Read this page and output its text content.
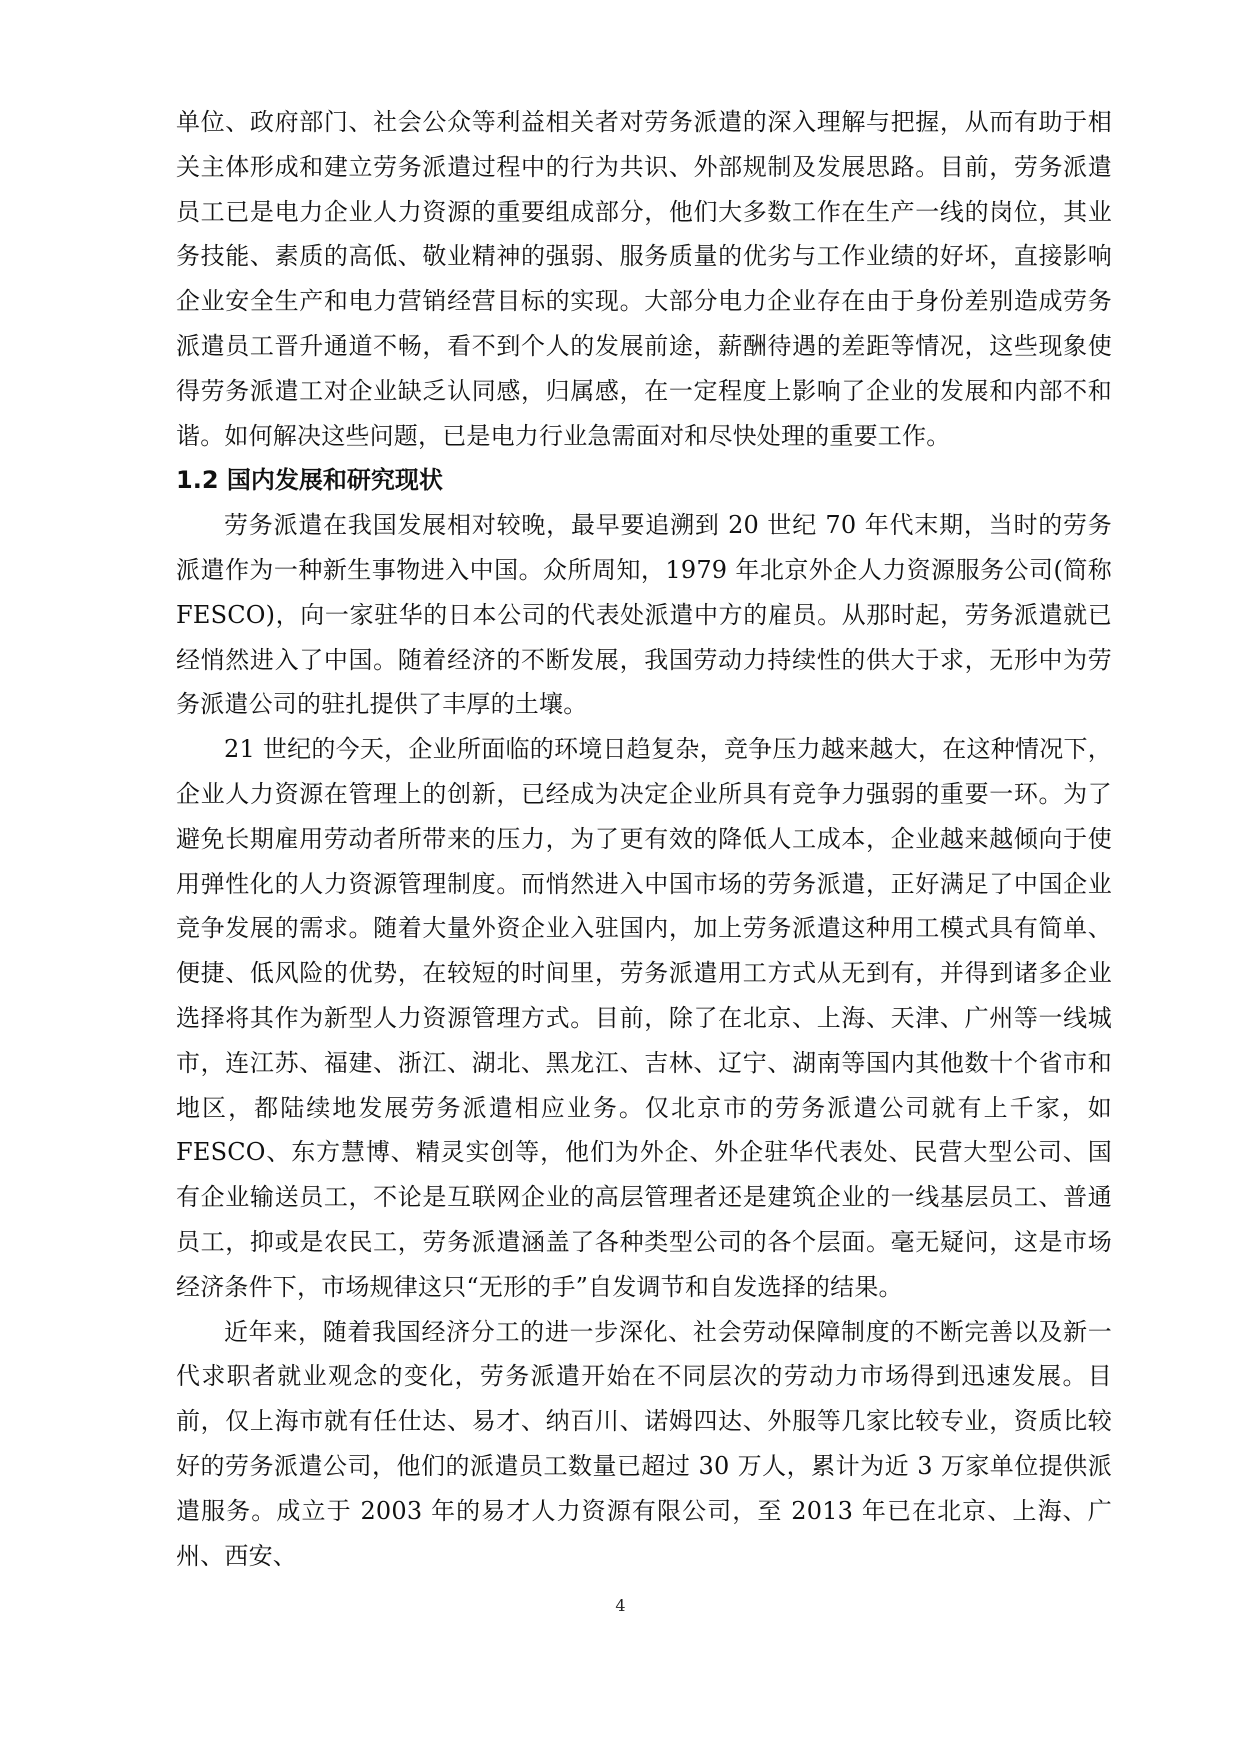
单位、政府部门、社会公众等利益相关者对劳务派遣的深入理解与把握，从而有助于相关主体形成和建立劳务派遣过程中的行为共识、外部规制及发展思路。目前，劳务派遣员工已是电力企业人力资源的重要组成部分，他们大多数工作在生产一线的岗位，其业务技能、素质的高低、敬业精神的强弱、服务质量的优劣与工作业绩的好坏，直接影响企业安全生产和电力营销经营目标的实现。大部分电力企业存在由于身份差别造成劳务派遣员工晋升通道不畅，看不到个人的发展前途，薪酬待遇的差距等情况，这些现象使得劳务派遣工对企业缺乏认同感，归属感，在一定程度上影响了企业的发展和内部不和谐。如何解决这些问题，已是电力行业急需面对和尽快处理的重要工作。

1.2 国内发展和研究现状

劳务派遣在我国发展相对较晚，最早要追溯到 20 世纪 70 年代末期，当时的劳务派遣作为一种新生事物进入中国。众所周知，1979 年北京外企人力资源服务公司(简称FESCO)，向一家驻华的日本公司的代表处派遣中方的雇员。从那时起，劳务派遣就已经悄然进入了中国。随着经济的不断发展，我国劳动力持续性的供大于求，无形中为劳务派遣公司的驻扎提供了丰厚的土壤。

21 世纪的今天，企业所面临的环境日趋复杂，竞争压力越来越大，在这种情况下，企业人力资源在管理上的创新，已经成为决定企业所具有竞争力强弱的重要一环。为了避免长期雇用劳动者所带来的压力，为了更有效的降低人工成本，企业越来越倾向于使用弹性化的人力资源管理制度。而悄然进入中国市场的劳务派遣，正好满足了中国企业竞争发展的需求。随着大量外资企业入驻国内，加上劳务派遣这种用工模式具有简单、便捷、低风险的优势，在较短的时间里，劳务派遣用工方式从无到有，并得到诸多企业选择将其作为新型人力资源管理方式。目前，除了在北京、上海、天津、广州等一线城市，连江苏、福建、浙江、湖北、黑龙江、吉林、辽宁、湖南等国内其他数十个省市和地区，都陆续地发展劳务派遣相应业务。仅北京市的劳务派遣公司就有上千家，如FESCO、东方慧博、精灵实创等，他们为外企、外企驻华代表处、民营大型公司、国有企业输送员工，不论是互联网企业的高层管理者还是建筑企业的一线基层员工、普通员工，抑或是农民工，劳务派遣涵盖了各种类型公司的各个层面。毫无疑问，这是市场经济条件下，市场规律这只“无形的手”自发调节和自发选择的结果。

近年来，随着我国经济分工的进一步深化、社会劳动保障制度的不断完善以及新一代求职者就业观念的变化，劳务派遣开始在不同层次的劳动力市场得到迅速发展。目前，仅上海市就有任仕达、易才、纳百川、诺姆四达、外服等几家比较专业，资质比较好的劳务派遣公司，他们的派遣员工数量已超过 30 万人，累计为近 3 万家单位提供派遣服务。成立于 2003 年的易才人力资源有限公司，至 2013 年已在北京、上海、广州、西安、

4
